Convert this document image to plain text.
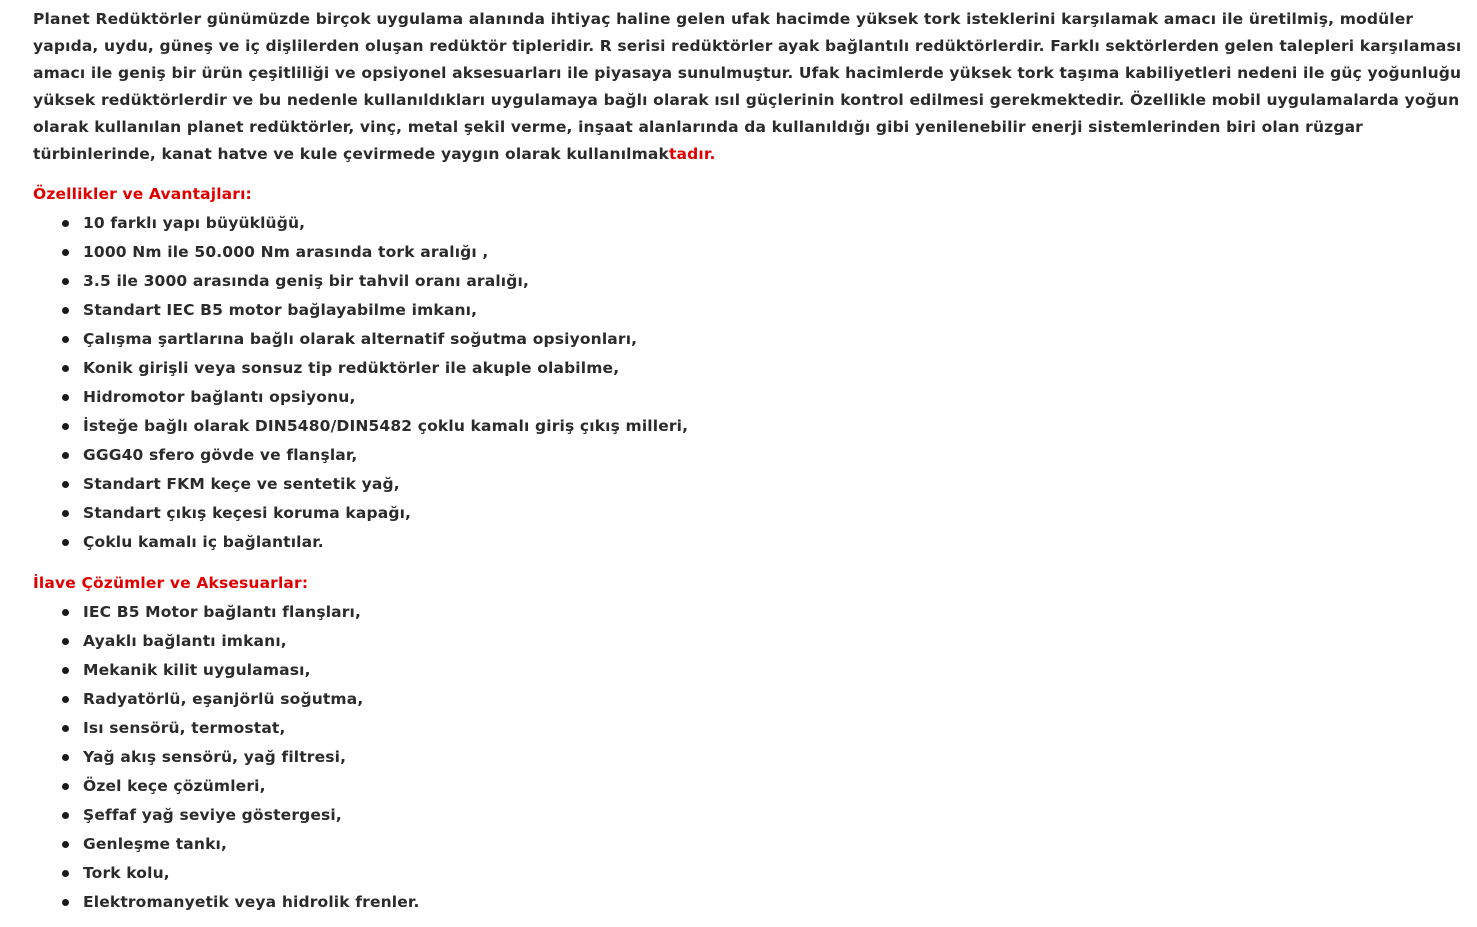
Planet Redüktörler günümüzde birçok uygulama alanında ihtiyaç haline gelen ufak hacimde yüksek tork isteklerini karşılamak amacı ile üretilmiş, modüler yapıda, uydu, güneş ve iç dişlilerden oluşan redüktör tipleridir. R serisi redüktörler ayak bağlantılı redüktörlerdir. Farklı sektörlerden gelen talepleri karşılaması amacı ile geniş bir ürün çeşitliliği ve opsiyonel aksesuarları ile piyasaya sunulmuştur. Ufak hacimlerde yüksek tork taşıma kabiliyetleri nedeni ile güç yoğunluğu yüksek redüktörlerdir ve bu nedenle kullanıldıkları uygulamaya bağlı olarak ısıl güçlerinin kontrol edilmesi gerekmektedir. Özellikle mobil uygulamalarda yoğun olarak kullanılan planet redüktörler, vinç, metal şekil verme, inşaat alanlarında da kullanıldığı gibi yenilenebilir enerji sistemlerinden biri olan rüzgar türbinlerinde, kanat hatve ve kule çevirmede yaygın olarak kullanılmaktadır.

Özellikler ve Avantajları:
10 farklı yapı büyüklüğü,
1000 Nm ile 50.000 Nm arasında tork aralığı ,
3.5 ile 3000 arasında geniş bir tahvil oranı aralığı,
Standart IEC B5 motor bağlayabilme imkanı,
Çalışma şartlarına bağlı olarak alternatif soğutma opsiyonları,
Konik girişli veya sonsuz tip redüktörler ile akuple olabilme,
Hidromotor bağlantı opsiyonu,
İsteğe bağlı olarak DIN5480/DIN5482 çoklu kamalı giriş çıkış milleri,
GGG40 sfero gövde ve flanşlar,
Standart FKM keçe ve sentetik yağ,
Standart çıkış keçesi koruma kapağı,
Çoklu kamalı iç bağlantılar.
İlave Çözümler ve Aksesuarlar:
IEC B5 Motor bağlantı flanşları,
Ayaklı bağlantı imkanı,
Mekanik kilit uygulaması,
Radyatörlü, eşanjörlü soğutma,
Isı sensörü, termostat,
Yağ akış sensörü, yağ filtresi,
Özel keçe çözümleri,
Şeffaf yağ seviye göstergesi,
Genleşme tankı,
Tork kolu,
Elektromanyetik veya hidrolik frenler.
